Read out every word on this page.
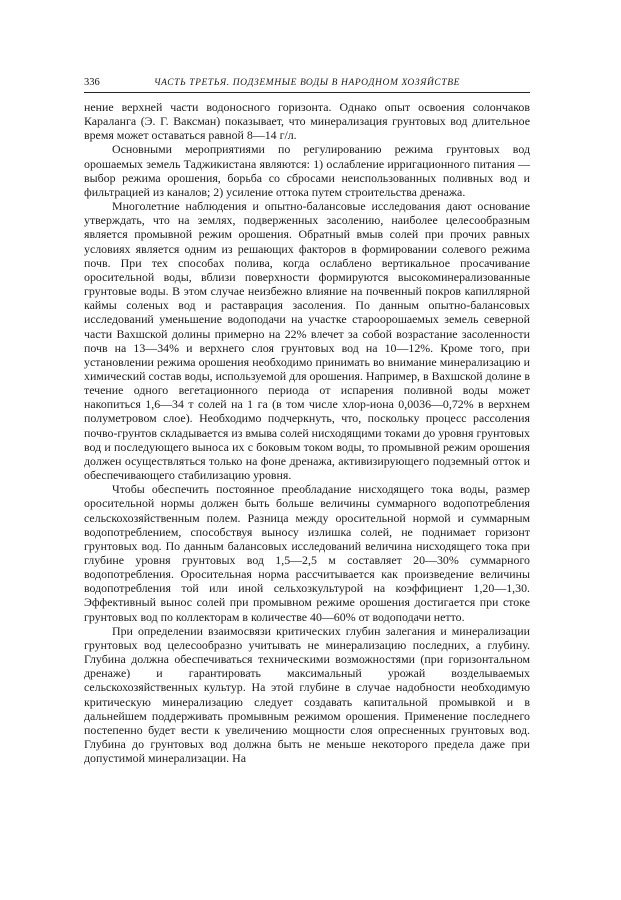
336	ЧАСТЬ ТРЕТЬЯ. ПОДЗЕМНЫЕ ВОДЫ В НАРОДНОМ ХОЗЯЙСТВЕ

нение верхней части водоносного горизонта. Однако опыт освоения солончаков Караланга (Э. Г. Ваксман) показывает, что минерализация грунтовых вод длительное время может оставаться равной 8—14 г/л.

Основными мероприятиями по регулированию режима грунтовых вод орошаемых земель Таджикистана являются: 1) ослабление ирригационного питания — выбор режима орошения, борьба со сбросами неиспользованных поливных вод и фильтрацией из каналов; 2) усиление оттока путем строительства дренажа.

Многолетние наблюдения и опытно-балансовые исследования дают основание утверждать, что на землях, подверженных засолению, наиболее целесообразным является промывной режим орошения. Обратный вмыв солей при прочих равных условиях является одним из решающих факторов в формировании солевого режима почв. При тех способах полива, когда ослаблено вертикальное просачивание оросительной воды, вблизи поверхности формируются высокоминерализованные грунтовые воды. В этом случае неизбежно влияние на почвенный покров капиллярной каймы соленых вод и раставрация засоления. По данным опытно-балансовых исследований уменьшение водоподачи на участке староорошаемых земель северной части Вахшской долины примерно на 22% влечет за собой возрастание засоленности почв на 13—34% и верхнего слоя грунтовых вод на 10—12%. Кроме того, при установлении режима орошения необходимо принимать во внимание минерализацию и химический состав воды, используемой для орошения. Например, в Вахшской долине в течение одного вегетационного периода от испарения поливной воды может накопиться 1,6—34 т солей на 1 га (в том числе хлор-иона 0,0036—0,72% в верхнем полуметровом слое). Необходимо подчеркнуть, что, поскольку процесс рассоления почво-грунтов складывается из вмыва солей нисходящими токами до уровня грунтовых вод и последующего выноса их с боковым током воды, то промывной режим орошения должен осуществляться только на фоне дренажа, активизирующего подземный отток и обеспечивающего стабилизацию уровня.

Чтобы обеспечить постоянное преобладание нисходящего тока воды, размер оросительной нормы должен быть больше величины суммарного водопотребления сельскохозяйственным полем. Разница между оросительной нормой и суммарным водопотреблением, способствуя выносу излишка солей, не поднимает горизонт грунтовых вод. По данным балансовых исследований величина нисходящего тока при глубине уровня грунтовых вод 1,5—2,5 м составляет 20—30% суммарного водопотребления. Оросительная норма рассчитывается как произведение величины водопотребления той или иной сельхозкультурой на коэффициент 1,20—1,30. Эффективный вынос солей при промывном режиме орошения достигается при стоке грунтовых вод по коллекторам в количестве 40—60% от водоподачи нетто.

При определении взаимосвязи критических глубин залегания и минерализации грунтовых вод целесообразно учитывать не минерализацию последних, а глубину. Глубина должна обеспечиваться техническими возможностями (при горизонтальном дренаже) и гарантировать максимальный урожай возделываемых сельскохозяйственных культур. На этой глубине в случае надобности необходимую критическую минерализацию следует создавать капитальной промывкой и в дальнейшем поддерживать промывным режимом орошения. Применение последнего постепенно будет вести к увеличению мощности слоя опресненных грунтовых вод. Глубина до грунтовых вод должна быть не меньше некоторого предела даже при допустимой минерализации. На
